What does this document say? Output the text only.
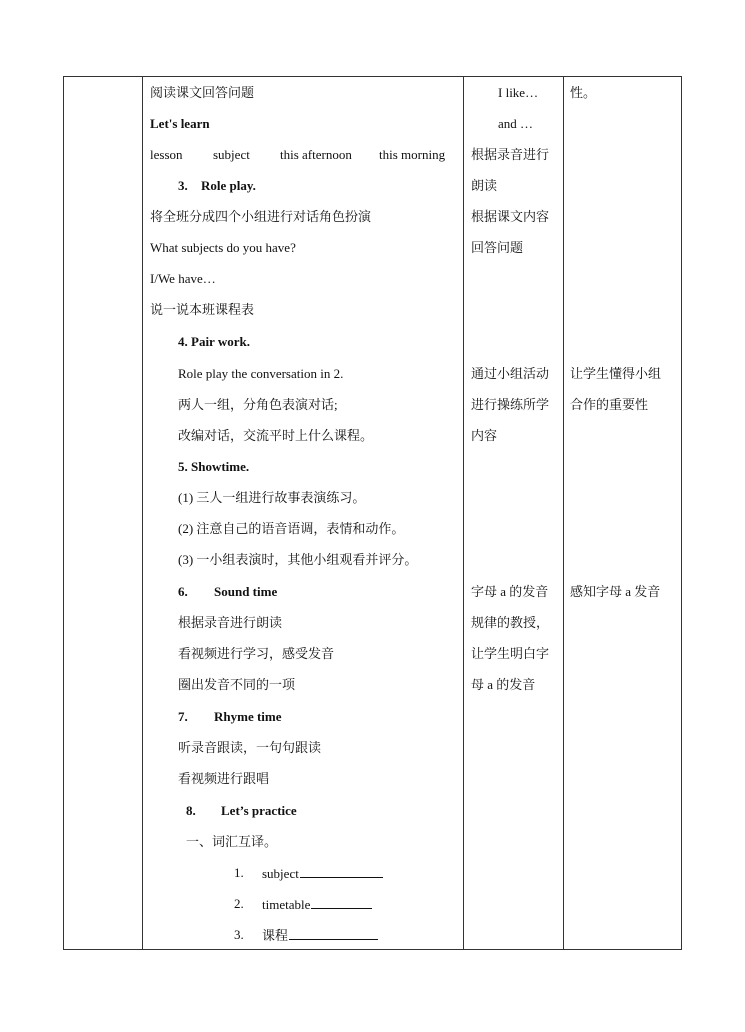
阅读课文回答问题
Let's learn
lesson subject this afternoon this morning
3. Role play.
将全班分成四个小组进行对话角色扮演
What subjects do you have?
I/We have…
说一说本班课程表
4. Pair work.
Role play the conversation in 2.
两人一组，分角色表演对话;
改编对话，交流平时上什么课程。
5. Showtime.
(1) 三人一组进行故事表演练习。
(2) 注意自己的语音语调，表情和动作。
(3) 一小组表演时，其他小组观看并评分。
6. Sound time
根据录音进行朗读
看视频进行学习，感受发音
圈出发音不同的一项
7. Rhyme time
听录音跟读，一句句跟读
看视频进行跟唱
8. Let’s practice
一、词汇互译。
1. subject
2. timetable
3. 课程
I like…
and …
根据录音进行
朗读
根据课文内容
回答问题
通过小组活动
进行操练所学
内容
字母 a 的发音
规律的教授，
让学生明白字
母 a 的发音
性。
让学生懂得小组
合作的重要性
感知字母 a 发音
